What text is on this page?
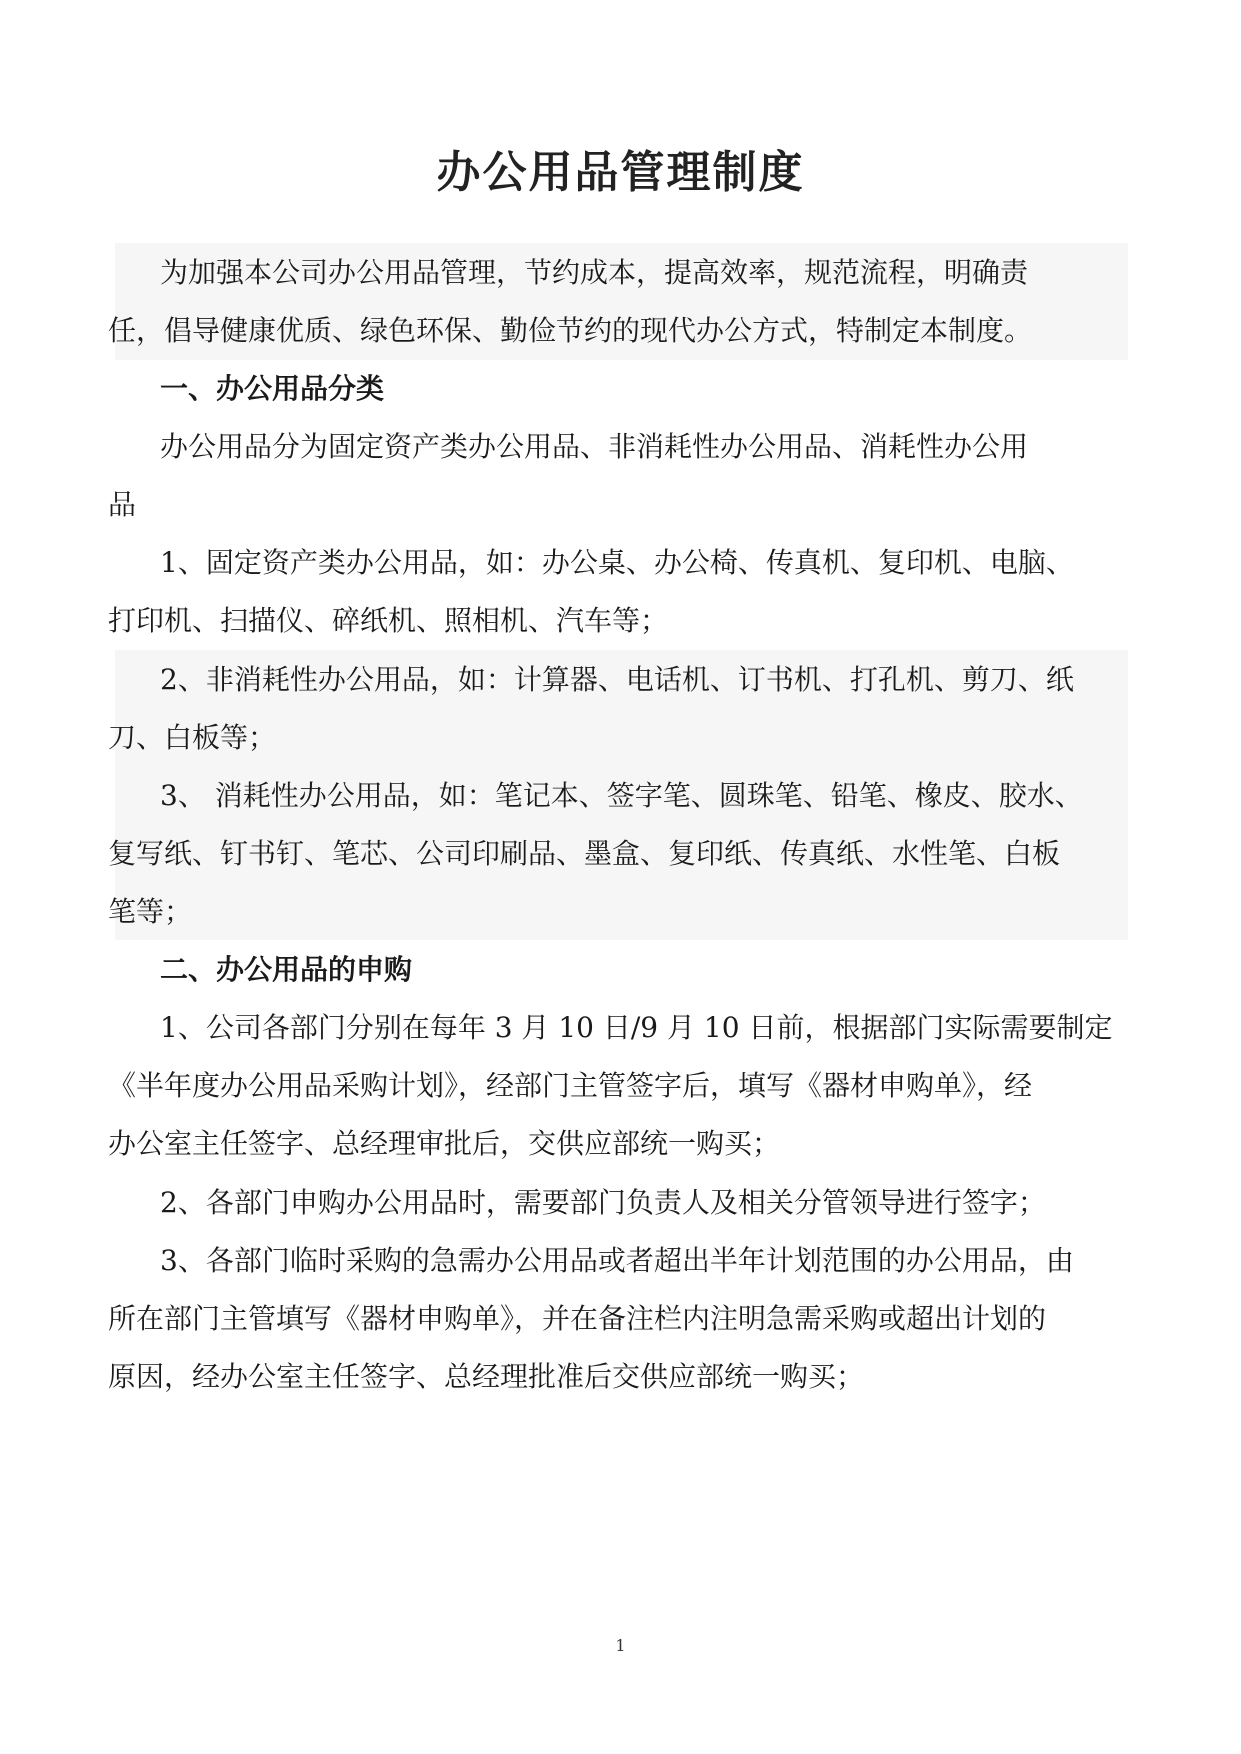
办公用品管理制度
为加强本公司办公用品管理，节约成本，提高效率，规范流程，明确责
任，倡导健康优质、绿色环保、勤俭节约的现代办公方式，特制定本制度。
一、办公用品分类
办公用品分为固定资产类办公用品、非消耗性办公用品、消耗性办公用
品
1、固定资产类办公用品，如：办公桌、办公椅、传真机、复印机、电脑、
打印机、扫描仪、碎纸机、照相机、汽车等；
2、非消耗性办公用品，如：计算器、电话机、订书机、打孔机、剪刀、纸
刀、白板等；
3、 消耗性办公用品，如：笔记本、签字笔、圆珠笔、铅笔、橡皮、胶水、
复写纸、钉书钉、笔芯、公司印刷品、墨盒、复印纸、传真纸、水性笔、白板
笔等；
二、办公用品的申购
1、公司各部门分别在每年 3 月 10 日/9 月 10 日前，根据部门实际需要制定
《半年度办公用品采购计划》，经部门主管签字后，填写《器材申购单》，经
办公室主任签字、总经理审批后，交供应部统一购买；
2、各部门申购办公用品时，需要部门负责人及相关分管领导进行签字；
3、各部门临时采购的急需办公用品或者超出半年计划范围的办公用品，由
所在部门主管填写《器材申购单》，并在备注栏内注明急需采购或超出计划的
原因，经办公室主任签字、总经理批准后交供应部统一购买；
1
